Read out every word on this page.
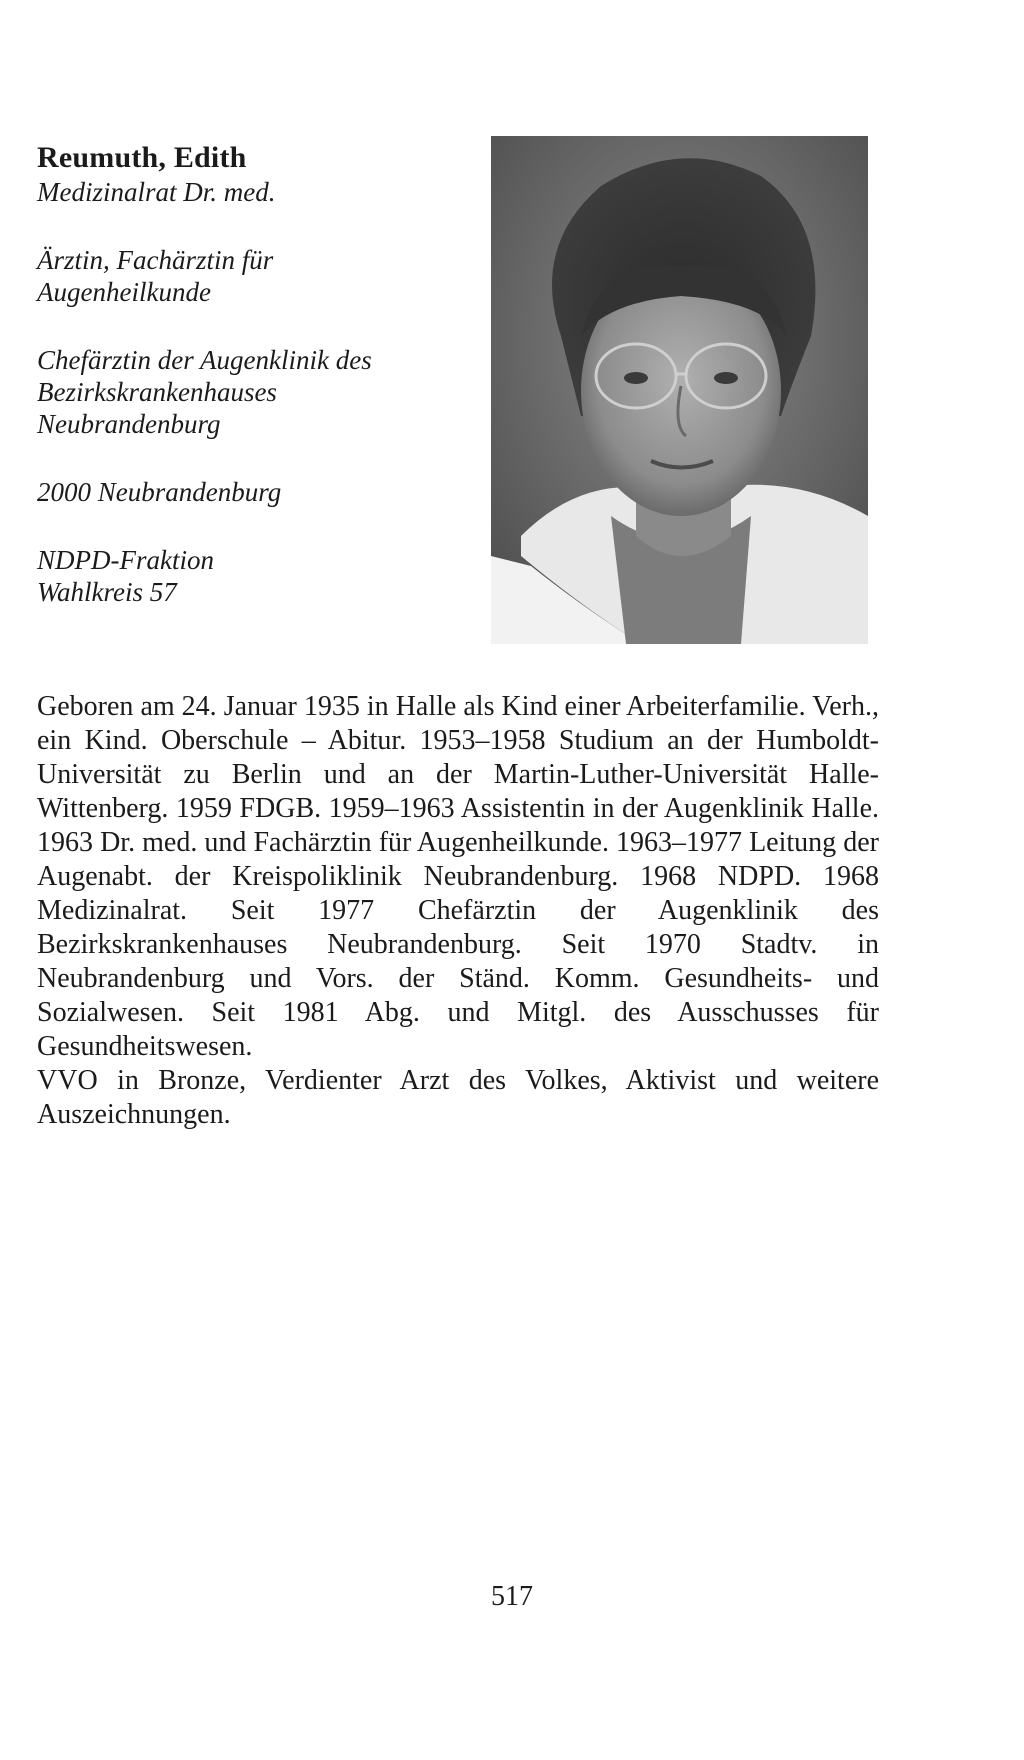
Reumuth, Edith

Medizinalrat Dr. med.

Ärztin, Fachärztin für

Augenheilkunde

Chefärztin der Augenklinik des

Bezirkskrankenhauses

Neubrandenburg

2000 Neubrandenburg

NDPD-Fraktion

Wahlkreis 57

Geboren am 24. Januar 1935 in Halle als Kind einer Arbeiterfamilie. Verh., ein Kind. Oberschule – Abitur. 1953–1958 Studium an der Humboldt-Universität zu Berlin und an der Martin-Luther-Universität Halle-Wittenberg. 1959 FDGB. 1959–1963 Assistentin in der Augenklinik Halle. 1963 Dr. med. und Fachärztin für Augenheilkunde. 1963–1977 Leitung der Augenabt. der Kreispoliklinik Neubrandenburg. 1968 NDPD. 1968 Medizinalrat. Seit 1977 Chefärztin der Augenklinik des Bezirkskrankenhauses Neubrandenburg. Seit 1970 Stadtv. in Neubrandenburg und Vors. der Ständ. Komm. Gesundheits- und Sozialwesen. Seit 1981 Abg. und Mitgl. des Ausschusses für Gesundheitswesen.

VVO in Bronze, Verdienter Arzt des Volkes, Aktivist und weitere Auszeichnungen.

517
